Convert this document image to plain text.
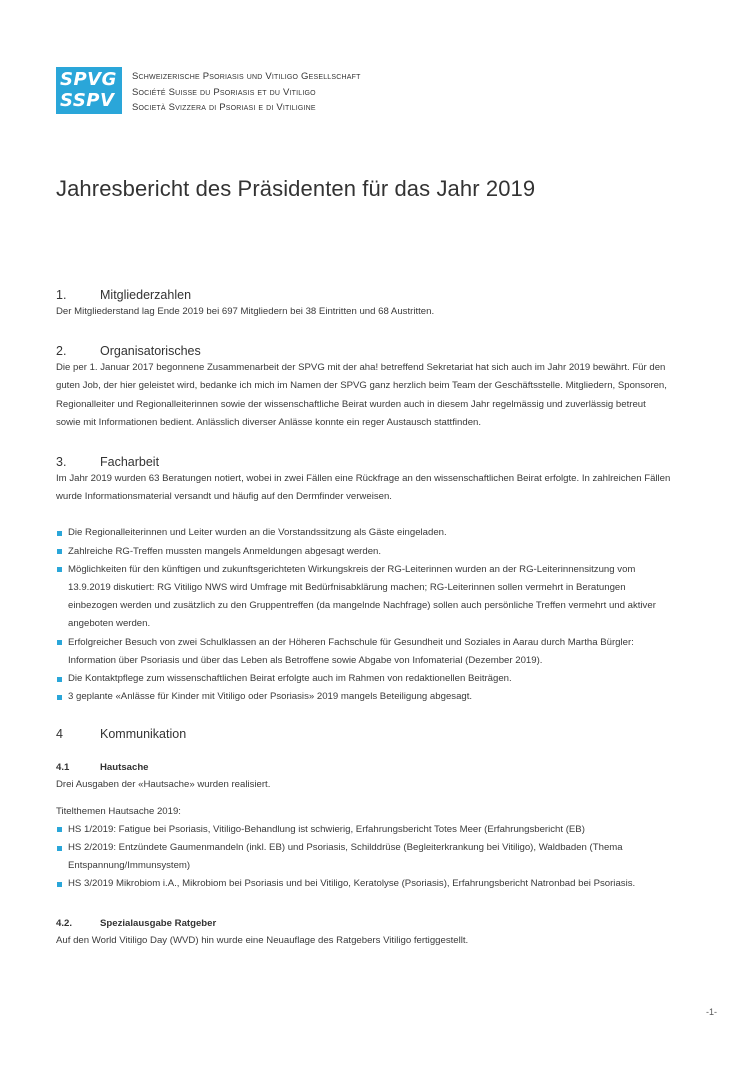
SPVG
SSPV
Schweizerische Psoriasis und Vitiligo Gesellschaft
Société Suisse du Psoriasis et du Vitiligo
Società Svizzera di Psoriasi e di Vitiligine
Jahresbericht des Präsidenten für das Jahr 2019
1.	Mitgliederzahlen

Der Mitgliederstand lag Ende 2019 bei 697 Mitgliedern bei 38 Eintritten und 68 Austritten.

2.	Organisatorisches

Die per 1. Januar 2017 begonnene Zusammenarbeit der SPVG mit der aha! betreffend Sekretariat hat sich auch im Jahr 2019 bewährt. Für den guten Job, der hier geleistet wird, bedanke ich mich im Namen der SPVG ganz herzlich beim Team der Geschäftsstelle. Mitgliedern, Sponsoren, Regionalleiter und Regionalleiterinnen sowie der wissenschaftliche Beirat wurden auch in diesem Jahr regelmässig und zuverlässig betreut sowie mit Informationen bedient. Anlässlich diverser Anlässe konnte ein reger Austausch stattfinden.

3.	Facharbeit

Im Jahr 2019 wurden 63 Beratungen notiert, wobei in zwei Fällen eine Rückfrage an den wissenschaftlichen Beirat erfolgte. In zahlreichen Fällen wurde Informationsmaterial versandt und häufig auf den Dermfinder verweisen.

Die Regionalleiterinnen und Leiter wurden an die Vorstandssitzung als Gäste eingeladen.
Zahlreiche RG-Treffen mussten mangels Anmeldungen abgesagt werden.
Möglichkeiten für den künftigen und zukunftsgerichteten Wirkungskreis der RG-Leiterinnen wurden an der RG-Leiterinnensitzung vom 13.9.2019 diskutiert: RG Vitiligo NWS wird Umfrage mit Bedürfnisabklärung machen; RG-Leiterinnen sollen vermehrt in Beratungen einbezogen werden und zusätzlich zu den Gruppentreffen (da mangelnde Nachfrage) sollen auch persönliche Treffen vermehrt und aktiver angeboten werden.
Erfolgreicher Besuch von zwei Schulklassen an der Höheren Fachschule für Gesundheit und Soziales in Aarau durch Martha Bürgler: Information über Psoriasis und über das Leben als Betroffene sowie Abgabe von Infomaterial (Dezember 2019).
Die Kontaktpflege zum wissenschaftlichen Beirat erfolgte auch im Rahmen von redaktionellen Beiträgen.
3 geplante «Anlässe für Kinder mit Vitiligo oder Psoriasis» 2019 mangels Beteiligung abgesagt.
4	Kommunikation
4.1	Hautsache

Drei Ausgaben der «Hautsache» wurden realisiert.

Titelthemen Hautsache 2019:

HS 1/2019: Fatigue bei Psoriasis, Vitiligo-Behandlung ist schwierig, Erfahrungsbericht Totes Meer (Erfahrungsbericht (EB)
HS 2/2019: Entzündete Gaumenmandeln (inkl. EB) und Psoriasis, Schilddrüse (Begleiterkrankung bei Vitiligo), Waldbaden (Thema Entspannung/Immunsystem)
HS 3/2019 Mikrobiom i.A., Mikrobiom bei Psoriasis und bei Vitiligo, Keratolyse (Psoriasis), Erfahrungsbericht Natronbad bei Psoriasis.
4.2.	Spezialausgabe Ratgeber

Auf den World Vitiligo Day (WVD) hin wurde eine Neuauflage des Ratgebers Vitiligo fertiggestellt.

-1-
